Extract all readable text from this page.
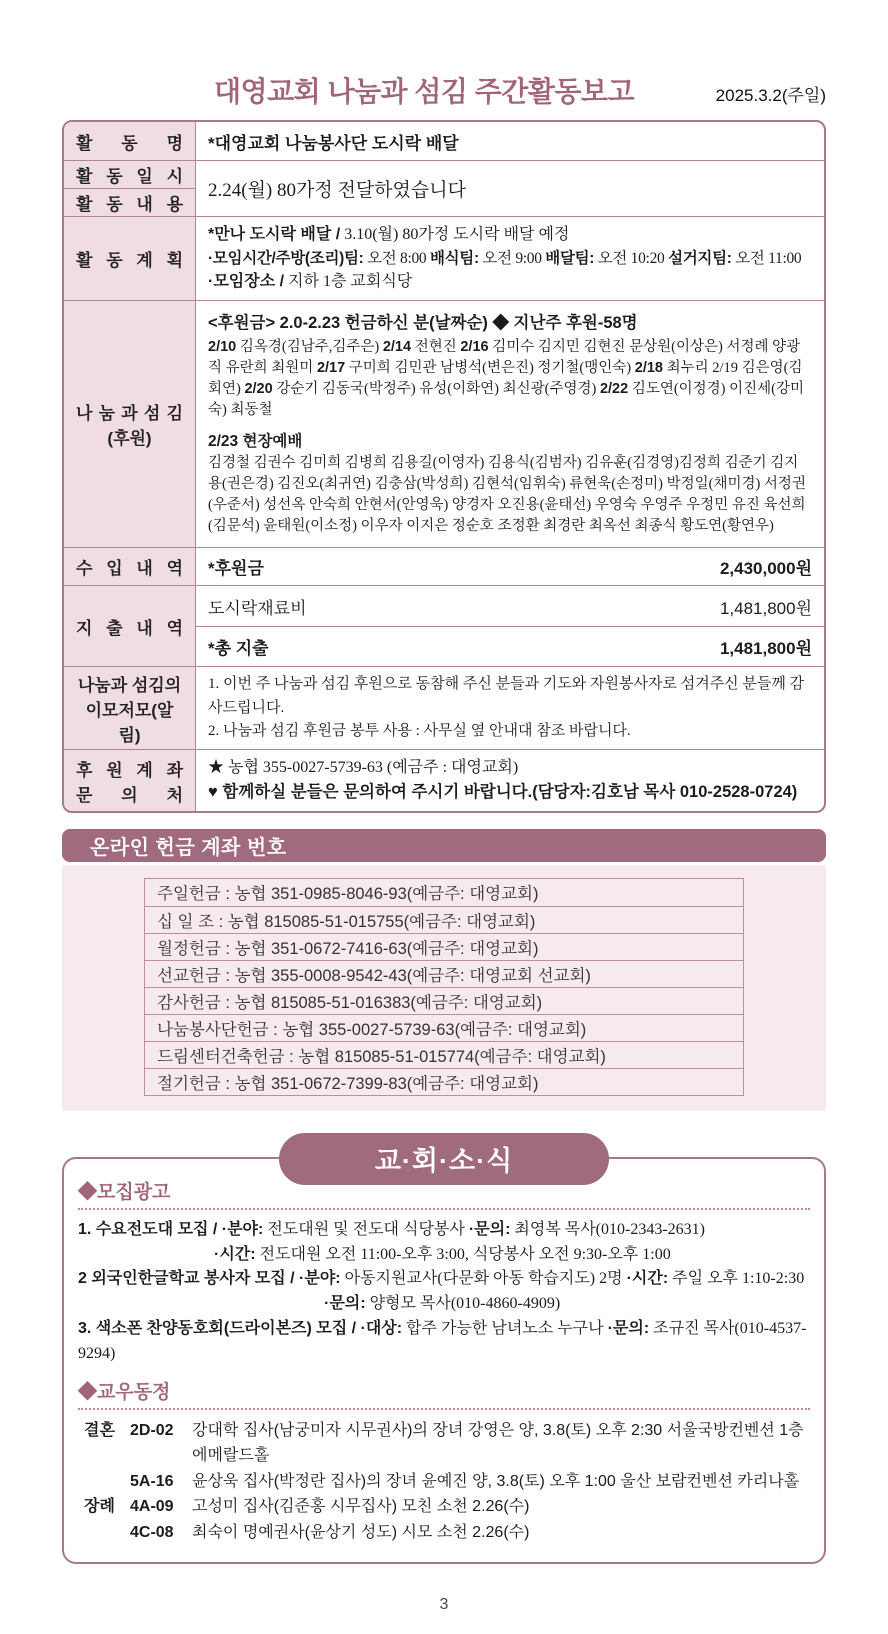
대영교회 나눔과 섬김 주간활동보고	2025.3.2(주일)
활 동 명 *대영교회 나눔봉사단 도시락 배달
활 동 일 시
활 동 내 용
2.24(월) 80가정 전달하였습니다
활 동 계 획
*만나 도시락 배달 / 3.10(월) 80가정 도시락 배달 예정
·모임시간/주방(조리)팀: 오전 8:00 배식팀: 오전 9:00 배달팀: 오전 10:20 설거지팀: 오전 11:00
·모임장소 / 지하 1층 교회식당
나 눔 과 섬 김
(후원)
<후원금> 2.0-2.23 헌금하신 분(날짜순) ◆ 지난주 후원-58명

2/10 김옥경(김남주,김주은) 2/14 전현진 2/16 김미수 김지민 김현진 문상원(이상은) 서정례 양광직 유란희 최원미 2/17 구미희 김민관 남병석(변은진) 정기철(맹인숙) 2/18 최누리 2/19 김은영(김회연) 2/20 강순기 김동국(박정주) 유성(이화연) 최신광(주영경) 2/22 김도연(이정경) 이진세(강미숙) 최동철

2/23 현장예배

김경철 김권수 김미희 김병희 김용길(이영자) 김용식(김범자) 김유훈(김경영)김정희 김준기 김지용(권은경) 김진오(최귀연) 김충삼(박성희) 김현석(임휘숙) 류현욱(손정미) 박정일(채미경) 서정권(우준서) 성선옥 안숙희 안현서(안영욱) 양경자 오진용(윤태선) 우영숙 우영주 우정민 유진 육선희(김문석) 윤태원(이소정) 이우자 이지은 정순호 조정환 최경란 최옥선 최종식 황도연(황연우)

수 입 내 역 *후원금	2,430,000원
지 출 내 역
도시락재료비	1,481,800원
*총 지출	1,481,800원
나눔과 섬김의
이모저모(알림)
1. 이번 주 나눔과 섬김 후원으로 동참해 주신 분들과 기도와 자원봉사자로 섬겨주신 분들께 감사드립니다.
2. 나눔과 섬김 후원금 봉투 사용 : 사무실 옆 안내대 참조 바랍니다.
후 원 계 좌
문 의 처
★ 농협 355-0027-5739-63 (예금주 : 대영교회)
♥ 함께하실 분들은 문의하여 주시기 바랍니다.(담당자:김호남 목사 010-2528-0724)
온라인 헌금 계좌 번호
주일헌금 : 농협 351-0985-8046-93(예금주: 대영교회)
십 일 조 : 농협 815085-51-015755(예금주: 대영교회)
월정헌금 : 농협 351-0672-7416-63(예금주: 대영교회)
선교헌금 : 농협 355-0008-9542-43(예금주: 대영교회 선교회)
감사헌금 : 농협 815085-51-016383(예금주: 대영교회)
나눔봉사단헌금 : 농협 355-0027-5739-63(예금주: 대영교회)
드림센터건축헌금 : 농협 815085-51-015774(예금주: 대영교회)
절기헌금 : 농협 351-0672-7399-83(예금주: 대영교회)
교·회·소·식
◆모집광고
1. 수요전도대 모집 / ·분야: 전도대원 및 전도대 식당봉사 ·문의: 최영복 목사(010-2343-2631)
·시간: 전도대원 오전 11:00-오후 3:00, 식당봉사 오전 9:30-오후 1:00
2 외국인한글학교 봉사자 모집 / ·분야: 아동지원교사(다문화 아동 학습지도) 2명 ·시간: 주일 오후 1:10-2:30
·문의: 양형모 목사(010-4860-4909)
3. 색소폰 찬양동호회(드라이본즈) 모집 / ·대상: 합주 가능한 남녀노소 누구나 ·문의: 조규진 목사(010-4537-9294)
◆교우동정
결혼 2D-02	강대학 집사(남궁미자 시무권사)의 장녀 강영은 양, 3.8(토) 오후 2:30 서울국방컨벤션 1층 에메랄드홀
5A-16	윤상욱 집사(박정란 집사)의 장녀 윤예진 양, 3.8(토) 오후 1:00 울산 보람컨벤션 카리나홀
장례 4A-09	고성미 집사(김준홍 시무집사) 모친 소천 2.26(수)
4C-08	최숙이 명예권사(윤상기 성도) 시모 소천 2.26(수)
3
